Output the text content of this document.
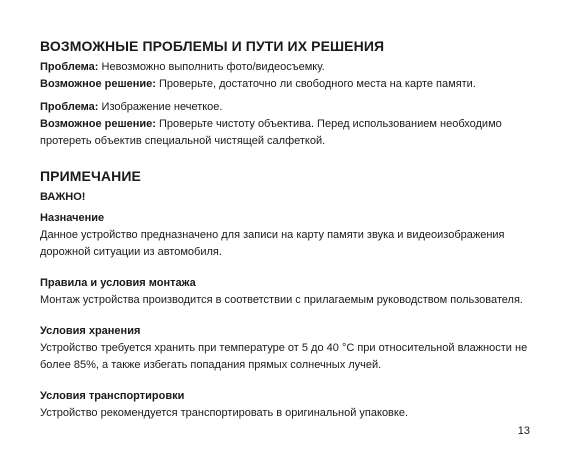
ВОЗМОЖНЫЕ ПРОБЛЕМЫ И ПУТИ ИХ РЕШЕНИЯ

Проблема: Невозможно выполнить фото/видеосъемку.

Возможное решение: Проверьте, достаточно ли свободного места на карте памяти.

Проблема: Изображение нечеткое.

Возможное решение: Проверьте чистоту объектива. Перед использованием необходимо протереть объектив специальной чистящей салфеткой.

ПРИМЕЧАНИЕ
ВАЖНО!
Назначение

Данное устройство предназначено для записи на карту памяти звука и видеоизображения дорожной ситуации из автомобиля.

Правила и условия монтажа

Монтаж устройства производится в соответствии с прилагаемым руководством пользователя.

Условия хранения

Устройство требуется хранить при температуре от 5 до 40 °С при относительной влажности не более 85%, а также избегать попадания прямых солнечных лучей.

Условия транспортировки

Устройство рекомендуется транспортировать в оригинальной упаковке.

13
